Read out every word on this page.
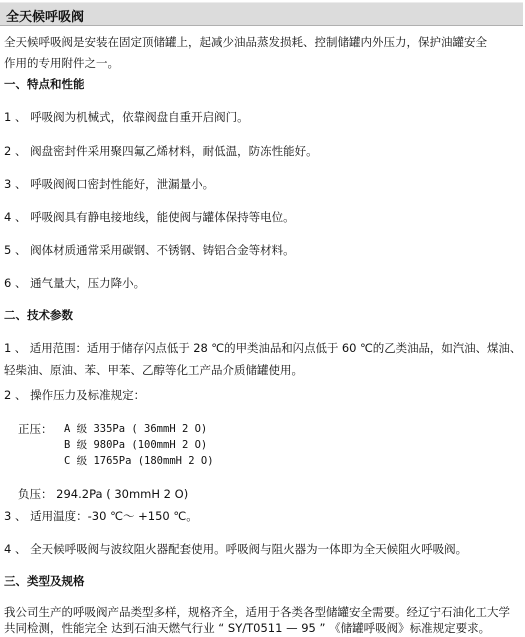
全天候呼吸阀
全天候呼吸阀是安装在固定顶储罐上，起减少油品蒸发损耗、控制储罐内外压力，保护油罐安全
作用的专用附件之一。
一、特点和性能
1 、 呼吸阀为机械式，依靠阀盘自重开启阀门。
2 、 阀盘密封件采用聚四氟乙烯材料，耐低温，防冻性能好。
3 、 呼吸阀阀口密封性能好，泄漏量小。
4 、 呼吸阀具有静电接地线，能使阀与罐体保持等电位。
5 、 阀体材质通常采用碳钢、不锈钢、铸铝合金等材料。
6 、 通气量大，压力降小。
二、技术参数
1 、 适用范围：适用于储存闪点低于 28 ℃的甲类油品和闪点低于 60 ℃的乙类油品，如汽油、煤油、
轻柴油、原油、苯、甲苯、乙醇等化工产品介质储罐使用。
2 、 操作压力及标准规定：
正压： A 级 335Pa ( 36mmH 2 O)
B 级 980Pa (100mmH 2 O)
C 级 1765Pa (180mmH 2 O)
负压： 294.2Pa ( 30mmH 2 O)
3 、 适用温度：-30 ℃～ +150 ℃。
4 、 全天候呼吸阀与波纹阻火器配套使用。呼吸阀与阻火器为一体即为全天候阻火呼吸阀。
三、类型及规格
我公司生产的呼吸阀产品类型多样，规格齐全，适用于各类各型储罐安全需要。经辽宁石油化工大学
共同检测，性能完全 达到石油天燃气行业 “ SY/T0511 — 95 ” 《储罐呼吸阀》标准规定要求。
